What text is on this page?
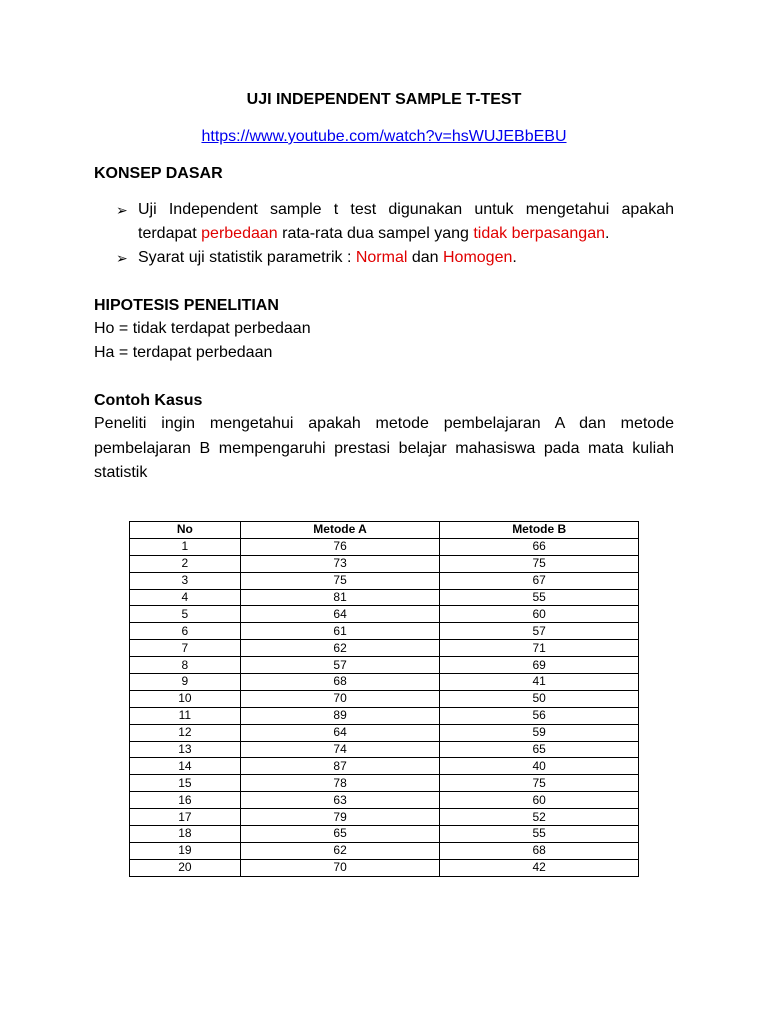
UJI INDEPENDENT SAMPLE T-TEST
https://www.youtube.com/watch?v=hsWUJEBbEBU
KONSEP DASAR
➢ Uji Independent sample t test digunakan untuk mengetahui apakah terdapat perbedaan rata-rata dua sampel yang tidak berpasangan.
➢ Syarat uji statistik parametrik : Normal dan Homogen.
HIPOTESIS PENELITIAN
Ho = tidak terdapat perbedaan
Ha = terdapat perbedaan
Contoh Kasus
Peneliti ingin mengetahui apakah metode pembelajaran A dan metode pembelajaran B mempengaruhi prestasi belajar mahasiswa pada mata kuliah statistik
No	Metode A	Metode B
1	76	66
2	73	75
3	75	67
4	81	55
5	64	60
6	61	57
7	62	71
8	57	69
9	68	41
10	70	50
11	89	56
12	64	59
13	74	65
14	87	40
15	78	75
16	63	60
17	79	52
18	65	55
19	62	68
20	70	42
